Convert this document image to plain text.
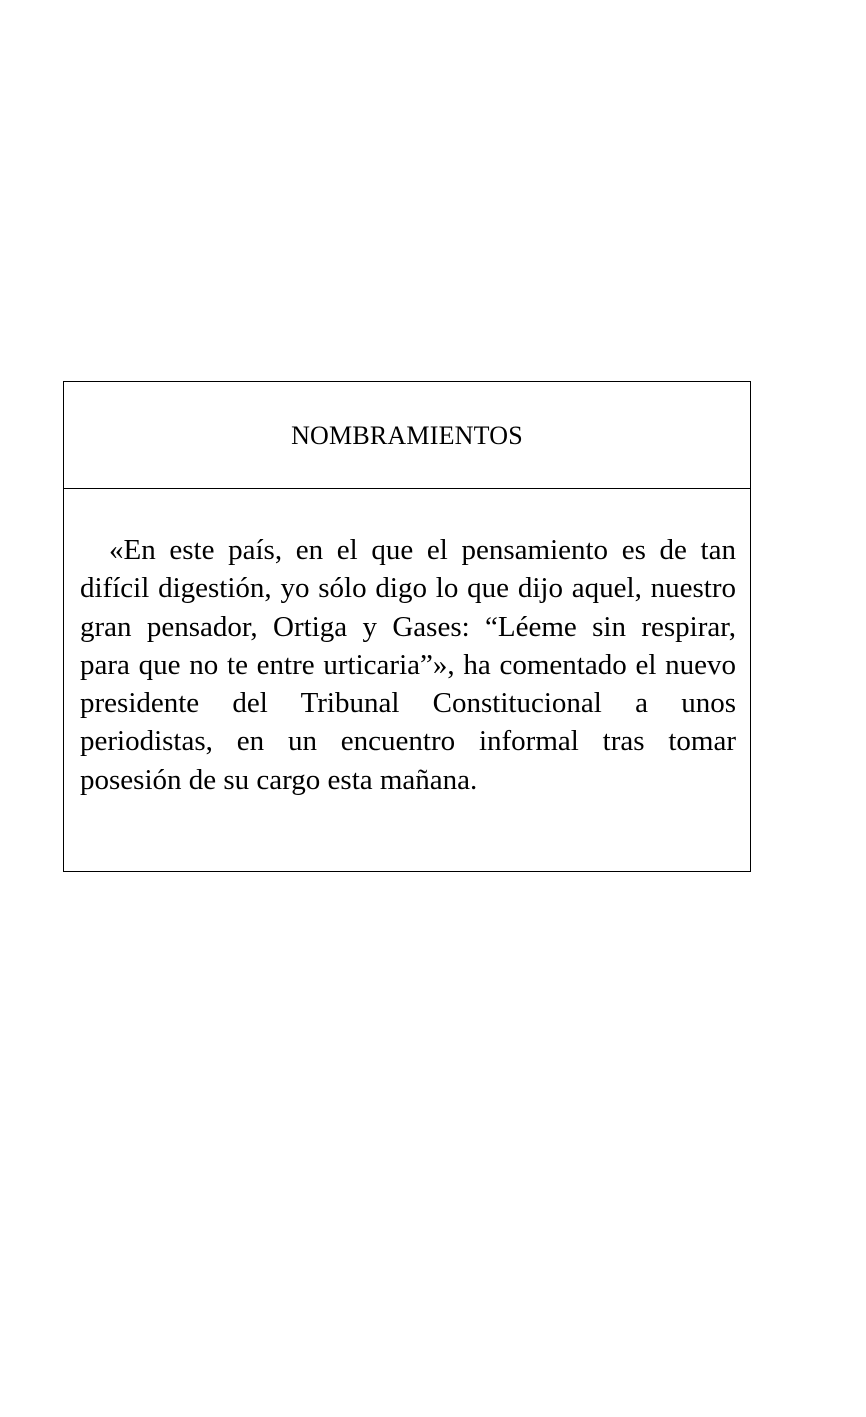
NOMBRAMIENTOS

«En este país, en el que el pensamiento es de tan difícil digestión, yo sólo digo lo que dijo aquel, nuestro gran pensador, Ortiga y Gases: “Léeme sin respirar, para que no te entre urticaria”», ha comentado el nuevo presidente del Tribunal Constitucional a unos periodistas, en un encuentro informal tras tomar posesión de su cargo esta mañana.
